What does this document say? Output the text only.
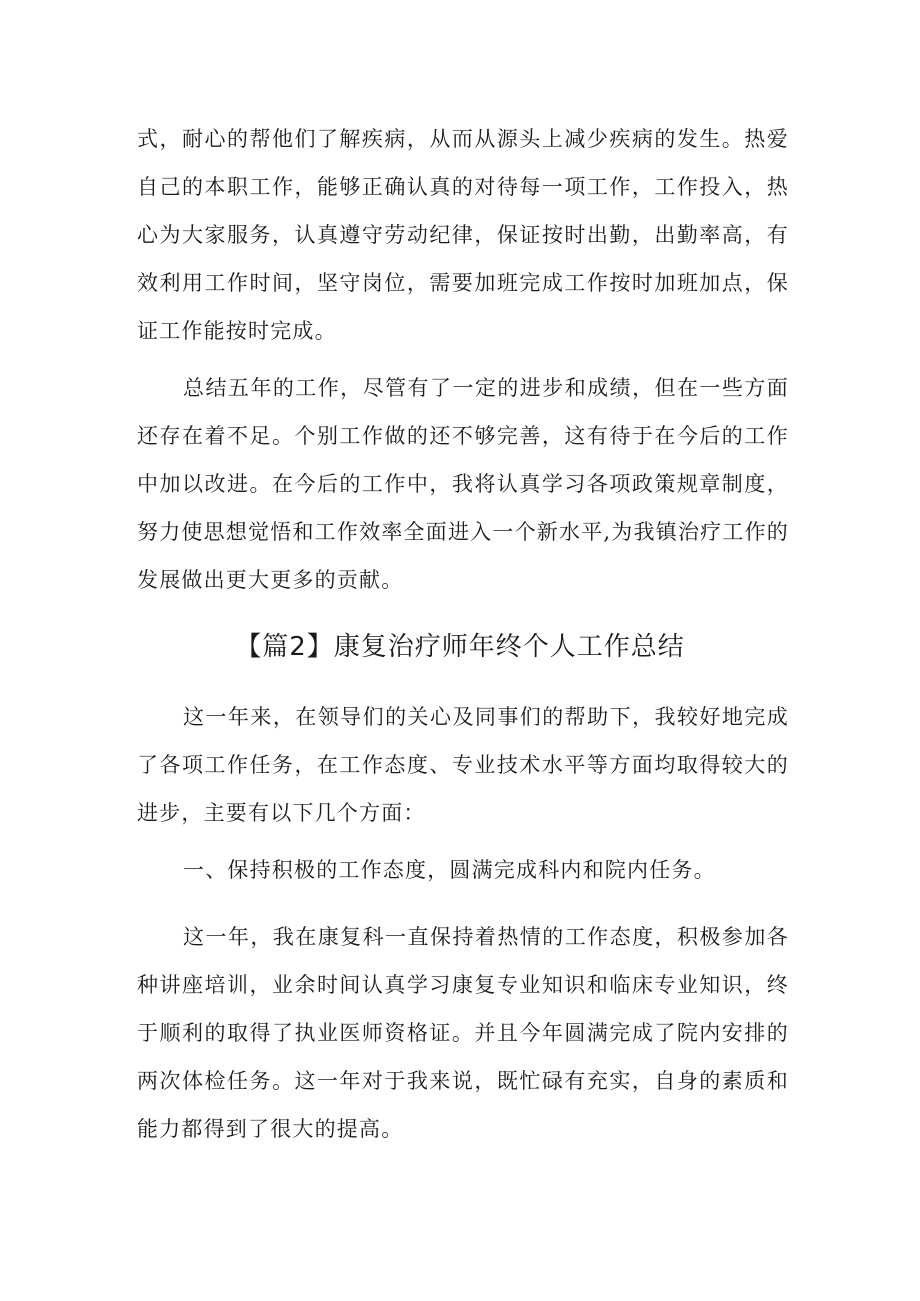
式，耐心的帮他们了解疾病，从而从源头上减少疾病的发生。热爱自己的本职工作，能够正确认真的对待每一项工作，工作投入，热心为大家服务，认真遵守劳动纪律，保证按时出勤，出勤率高，有效利用工作时间，坚守岗位，需要加班完成工作按时加班加点，保证工作能按时完成。

总结五年的工作，尽管有了一定的进步和成绩，但在一些方面还存在着不足。个别工作做的还不够完善，这有待于在今后的工作中加以改进。在今后的工作中，我将认真学习各项政策规章制度，努力使思想觉悟和工作效率全面进入一个新水平,为我镇治疗工作的发展做出更大更多的贡献。

【篇2】康复治疗师年终个人工作总结

这一年来，在领导们的关心及同事们的帮助下，我较好地完成了各项工作任务，在工作态度、专业技术水平等方面均取得较大的进步，主要有以下几个方面：

一、保持积极的工作态度，圆满完成科内和院内任务。

这一年，我在康复科一直保持着热情的工作态度，积极参加各种讲座培训，业余时间认真学习康复专业知识和临床专业知识，终于顺利的取得了执业医师资格证。并且今年圆满完成了院内安排的两次体检任务。这一年对于我来说，既忙碌有充实，自身的素质和能力都得到了很大的提高。
